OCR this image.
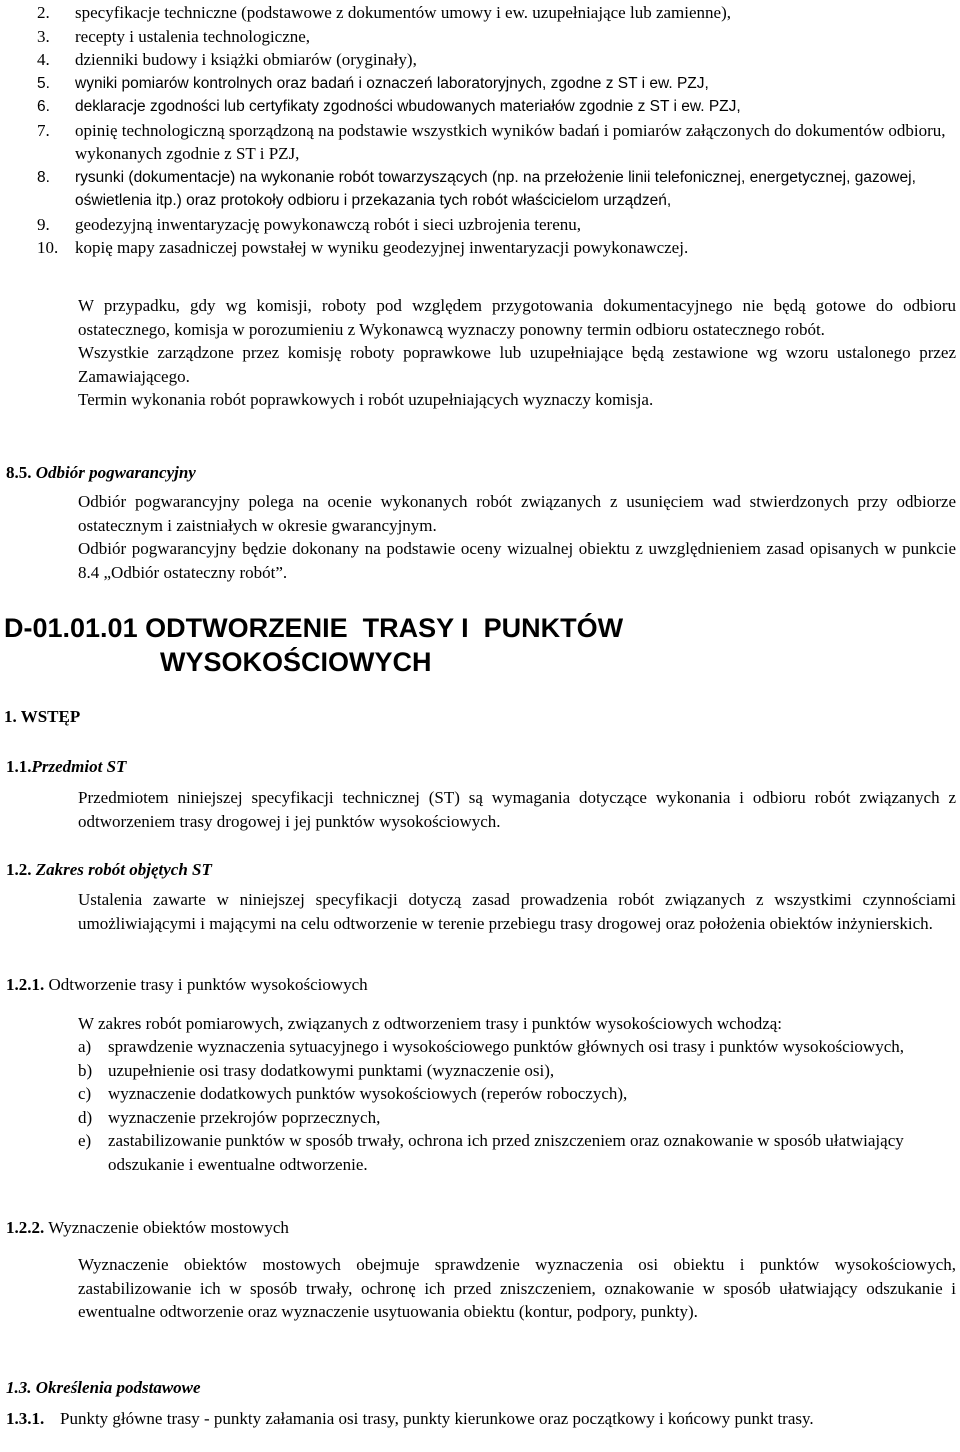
2.	specyfikacje techniczne (podstawowe z dokumentów umowy i ew. uzupełniające lub zamienne),
3.	recepty i ustalenia technologiczne,
4.	dzienniki budowy i książki obmiarów (oryginały),
5.	wyniki pomiarów kontrolnych oraz badań i oznaczeń laboratoryjnych, zgodne z ST i ew. PZJ,
6.	deklaracje zgodności lub certyfikaty zgodności wbudowanych materiałów zgodnie z ST i ew. PZJ,
7.	opinię technologiczną sporządzoną na podstawie wszystkich wyników badań i pomiarów załączonych do dokumentów odbioru, wykonanych zgodnie z ST i PZJ,
8.	rysunki (dokumentacje) na wykonanie robót towarzyszących (np. na przełożenie linii telefonicznej, energetycznej, gazowej, oświetlenia itp.) oraz protokoły odbioru i przekazania tych robót właścicielom urządzeń,
9.	geodezyjną inwentaryzację powykonawczą robót i sieci uzbrojenia terenu,
10. kopię mapy zasadniczej powstałej w wyniku geodezyjnej inwentaryzacji powykonawczej.
W przypadku, gdy wg komisji, roboty pod względem przygotowania dokumentacyjnego nie będą gotowe do odbioru ostatecznego, komisja w porozumieniu z Wykonawcą wyznaczy ponowny termin odbioru ostatecznego robót.
Wszystkie zarządzone przez komisję roboty poprawkowe lub uzupełniające będą zestawione wg wzoru ustalonego przez Zamawiającego.
Termin wykonania robót poprawkowych i robót uzupełniających wyznaczy komisja.
8.5. Odbiór pogwarancyjny
Odbiór pogwarancyjny polega na ocenie wykonanych robót związanych z usunięciem wad stwierdzonych przy odbiorze ostatecznym i zaistniałych w okresie gwarancyjnym.
Odbiór pogwarancyjny będzie dokonany na podstawie oceny wizualnej obiektu z uwzględnieniem zasad opisanych w punkcie 8.4 „Odbiór ostateczny robót”.
D-01.01.01 ODTWORZENIE  TRASY I  PUNKTÓW
WYSOKOŚCIOWYCH
1. WSTĘP
1.1.Przedmiot ST
Przedmiotem niniejszej specyfikacji technicznej (ST) są wymagania dotyczące wykonania i odbioru robót związanych z odtworzeniem trasy drogowej i jej punktów wysokościowych.
1.2. Zakres robót objętych ST
Ustalenia zawarte w niniejszej specyfikacji dotyczą zasad prowadzenia robót związanych z wszystkimi czynnościami umożliwiającymi i mającymi na celu odtworzenie w terenie przebiegu trasy drogowej oraz położenia obiektów inżynierskich.
1.2.1. Odtworzenie trasy i punktów wysokościowych
W zakres robót pomiarowych, związanych z odtworzeniem trasy i punktów wysokościowych wchodzą:
a) sprawdzenie wyznaczenia sytuacyjnego i wysokościowego punktów głównych osi trasy i punktów wysokościowych,
b) uzupełnienie osi trasy dodatkowymi punktami (wyznaczenie osi),
c) wyznaczenie dodatkowych punktów wysokościowych (reperów roboczych),
d) wyznaczenie przekrojów poprzecznych,
e) zastabilizowanie punktów w sposób trwały, ochrona ich przed zniszczeniem oraz oznakowanie w sposób ułatwiający odszukanie i ewentualne odtworzenie.
1.2.2. Wyznaczenie obiektów mostowych
Wyznaczenie obiektów mostowych obejmuje sprawdzenie wyznaczenia osi obiektu i punktów wysokościowych, zastabilizowanie ich w sposób trwały, ochronę ich przed zniszczeniem, oznakowanie w sposób ułatwiający odszukanie i ewentualne odtworzenie oraz wyznaczenie usytuowania obiektu (kontur, podpory, punkty).
1.3. Określenia podstawowe
1.3.1. Punkty główne trasy - punkty załamania osi trasy, punkty kierunkowe oraz początkowy i końcowy punkt trasy.
